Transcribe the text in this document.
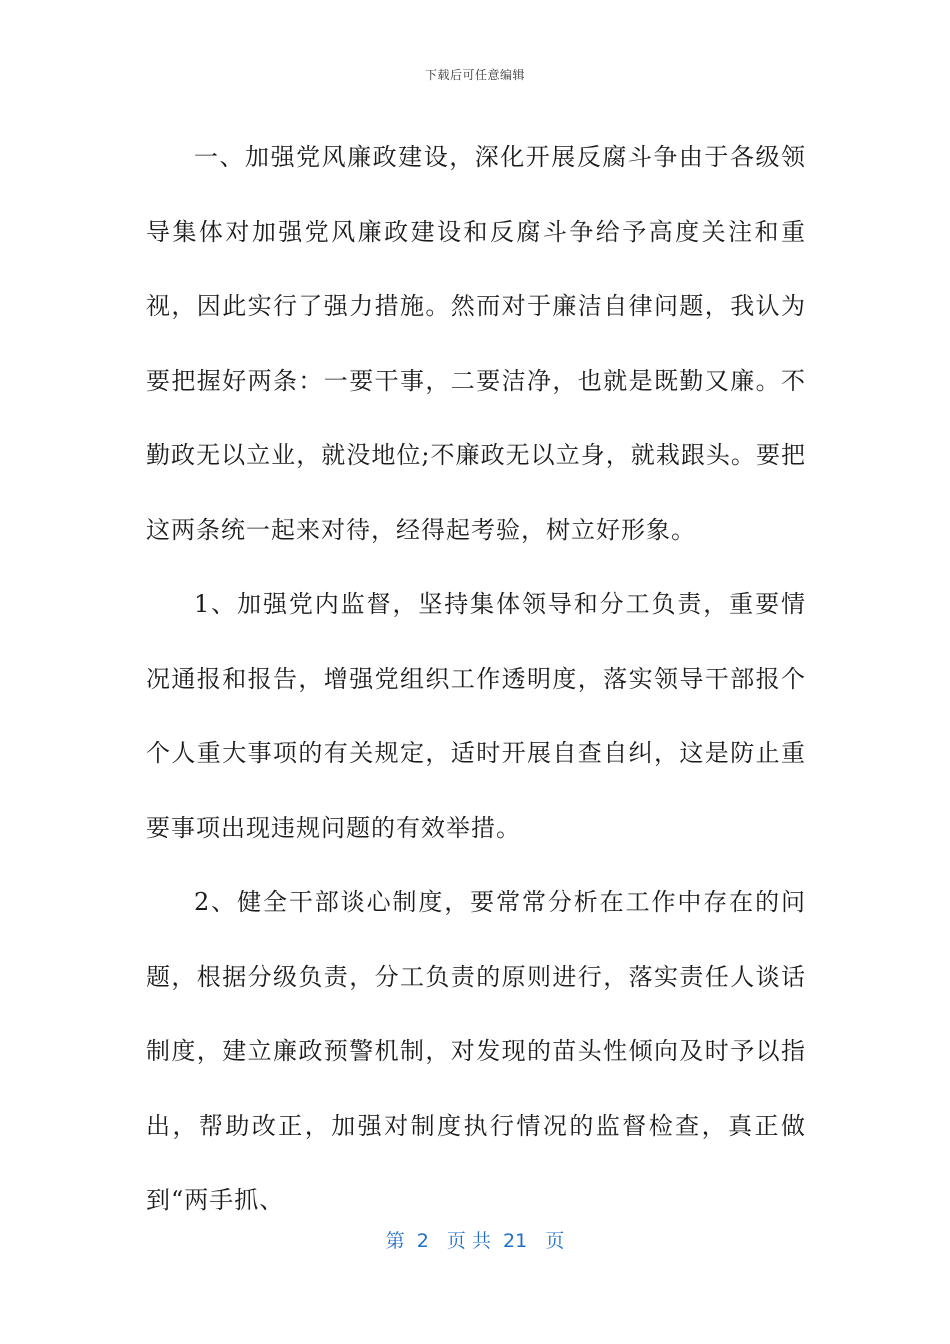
下载后可任意编辑

一、加强党风廉政建设，深化开展反腐斗争由于各级领导集体对加强党风廉政建设和反腐斗争给予高度关注和重视，因此实行了强力措施。然而对于廉洁自律问题，我认为要把握好两条：一要干事，二要洁净，也就是既勤又廉。不勤政无以立业，就没地位;不廉政无以立身，就栽跟头。要把这两条统一起来对待，经得起考验，树立好形象。

1、加强党内监督，坚持集体领导和分工负责，重要情况通报和报告，增强党组织工作透明度，落实领导干部报个个人重大事项的有关规定，适时开展自查自纠，这是防止重要事项出现违规问题的有效举措。

2、健全干部谈心制度，要常常分析在工作中存在的问题，根据分级负责，分工负责的原则进行，落实责任人谈话制度，建立廉政预警机制，对发现的苗头性倾向及时予以指出，帮助改正，加强对制度执行情况的监督检查，真正做到“两手抓、

第  2   页 共  21   页
